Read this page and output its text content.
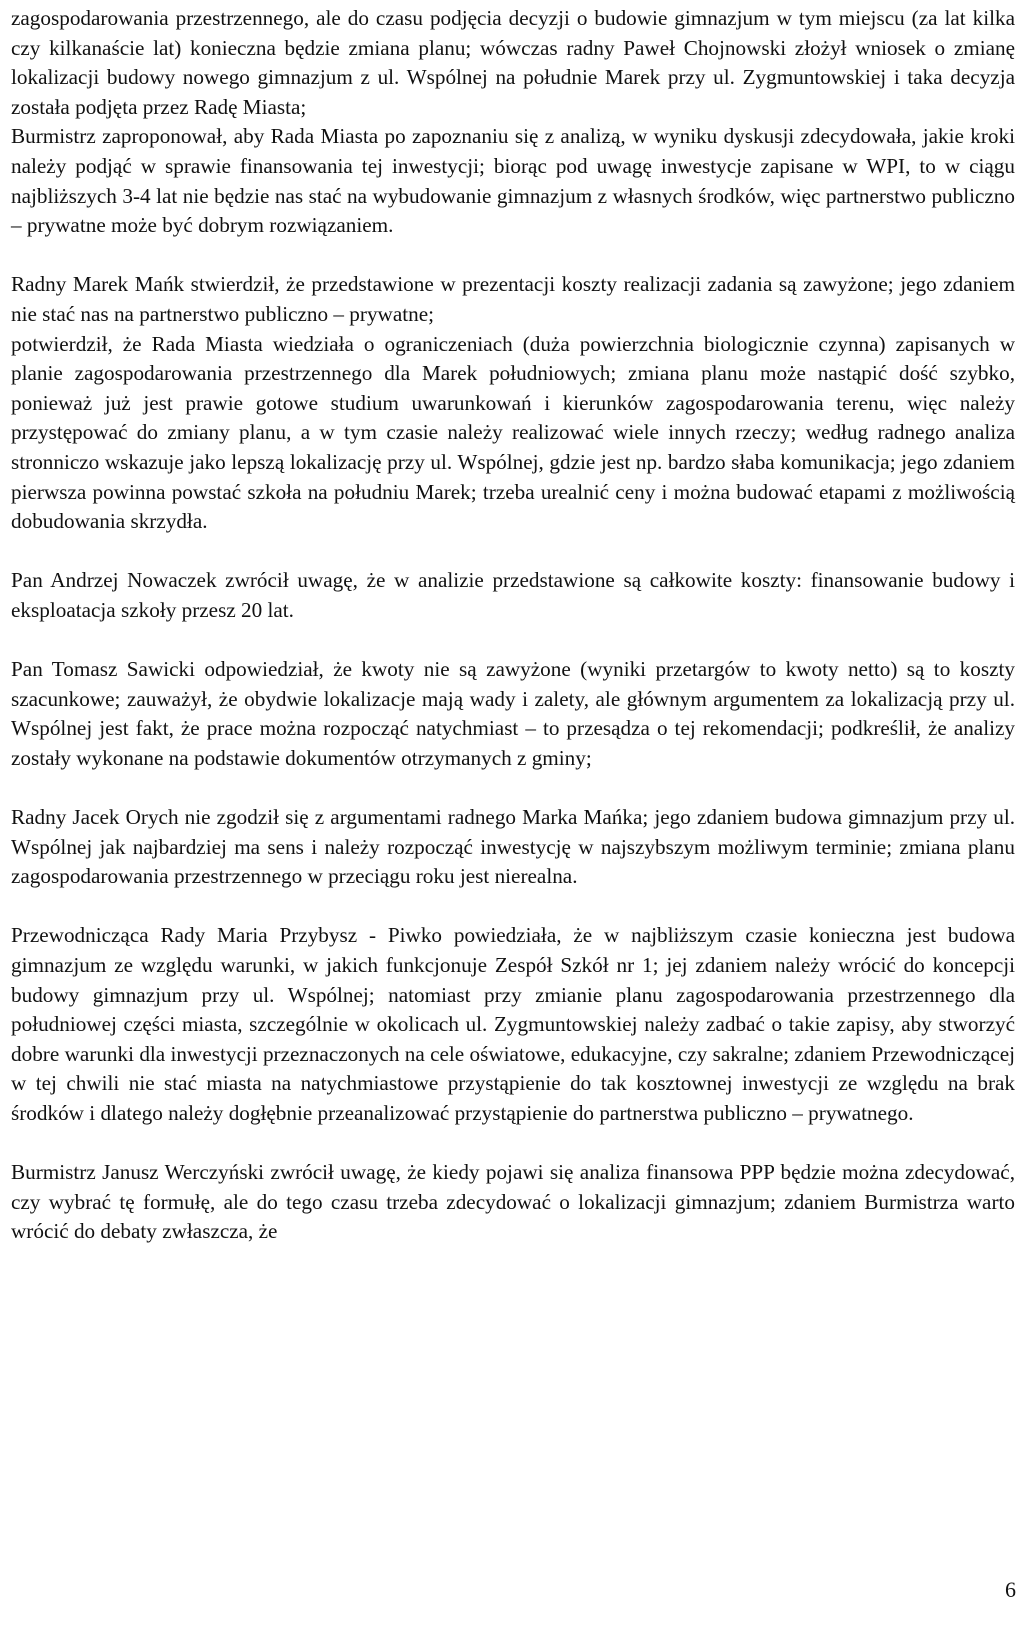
zagospodarowania przestrzennego, ale do czasu podjęcia decyzji o budowie gimnazjum w tym miejscu (za lat kilka czy kilkanaście lat) konieczna będzie zmiana planu; wówczas radny Paweł Chojnowski złożył wniosek o zmianę lokalizacji budowy nowego gimnazjum z ul. Wspólnej na południe Marek przy ul. Zygmuntowskiej i taka decyzja została podjęta przez Radę Miasta;

Burmistrz zaproponował, aby Rada Miasta po zapoznaniu się z analizą, w wyniku dyskusji zdecydowała, jakie kroki należy podjąć w sprawie finansowania tej inwestycji; biorąc pod uwagę inwestycje zapisane w WPI, to w ciągu najbliższych 3-4 lat nie będzie nas stać na wybudowanie gimnazjum z własnych środków, więc partnerstwo publiczno – prywatne może być dobrym rozwiązaniem.

Radny Marek Mańk stwierdził, że przedstawione w prezentacji koszty realizacji zadania są zawyżone; jego zdaniem nie stać nas na partnerstwo publiczno – prywatne;

potwierdził, że Rada Miasta wiedziała o ograniczeniach (duża powierzchnia biologicznie czynna) zapisanych w planie zagospodarowania przestrzennego dla Marek południowych; zmiana planu może nastąpić dość szybko, ponieważ już jest prawie gotowe studium uwarunkowań i kierunków zagospodarowania terenu, więc należy przystępować do zmiany planu, a w tym czasie należy realizować wiele innych rzeczy; według radnego analiza stronniczo wskazuje jako lepszą lokalizację przy ul. Wspólnej, gdzie jest np. bardzo słaba komunikacja; jego zdaniem pierwsza powinna powstać szkoła na południu Marek; trzeba urealnić ceny i można budować etapami z możliwością dobudowania skrzydła.

Pan Andrzej Nowaczek zwrócił uwagę, że w analizie przedstawione są całkowite koszty: finansowanie budowy i eksploatacja szkoły przesz 20 lat.

Pan Tomasz Sawicki odpowiedział, że kwoty nie są zawyżone (wyniki przetargów to kwoty netto) są to koszty szacunkowe; zauważył, że obydwie lokalizacje mają wady i zalety, ale głównym argumentem za lokalizacją przy ul. Wspólnej jest fakt, że prace można rozpocząć natychmiast – to przesądza o tej rekomendacji; podkreślił, że analizy zostały wykonane na podstawie dokumentów otrzymanych z gminy;

Radny Jacek Orych nie zgodził się z argumentami radnego Marka Mańka; jego zdaniem budowa gimnazjum przy ul. Wspólnej jak najbardziej ma sens i należy rozpocząć inwestycję w najszybszym możliwym terminie; zmiana planu zagospodarowania przestrzennego w przeciągu roku jest nierealna.

Przewodnicząca Rady Maria Przybysz - Piwko powiedziała, że w najbliższym czasie konieczna jest budowa gimnazjum ze względu warunki, w jakich funkcjonuje Zespół Szkół nr 1; jej zdaniem należy wrócić do koncepcji budowy gimnazjum przy ul. Wspólnej; natomiast przy zmianie planu zagospodarowania przestrzennego dla południowej części miasta, szczególnie w okolicach ul. Zygmuntowskiej należy zadbać o takie zapisy, aby stworzyć dobre warunki dla inwestycji przeznaczonych na cele oświatowe, edukacyjne, czy sakralne; zdaniem Przewodniczącej w tej chwili nie stać miasta na natychmiastowe przystąpienie do tak kosztownej inwestycji ze względu na brak środków i dlatego należy dogłębnie przeanalizować przystąpienie do partnerstwa publiczno – prywatnego.

Burmistrz Janusz Werczyński zwrócił uwagę, że kiedy pojawi się analiza finansowa PPP będzie można zdecydować, czy wybrać tę formułę, ale do tego czasu trzeba zdecydować o lokalizacji gimnazjum; zdaniem Burmistrza warto wrócić do debaty zwłaszcza, że

6
